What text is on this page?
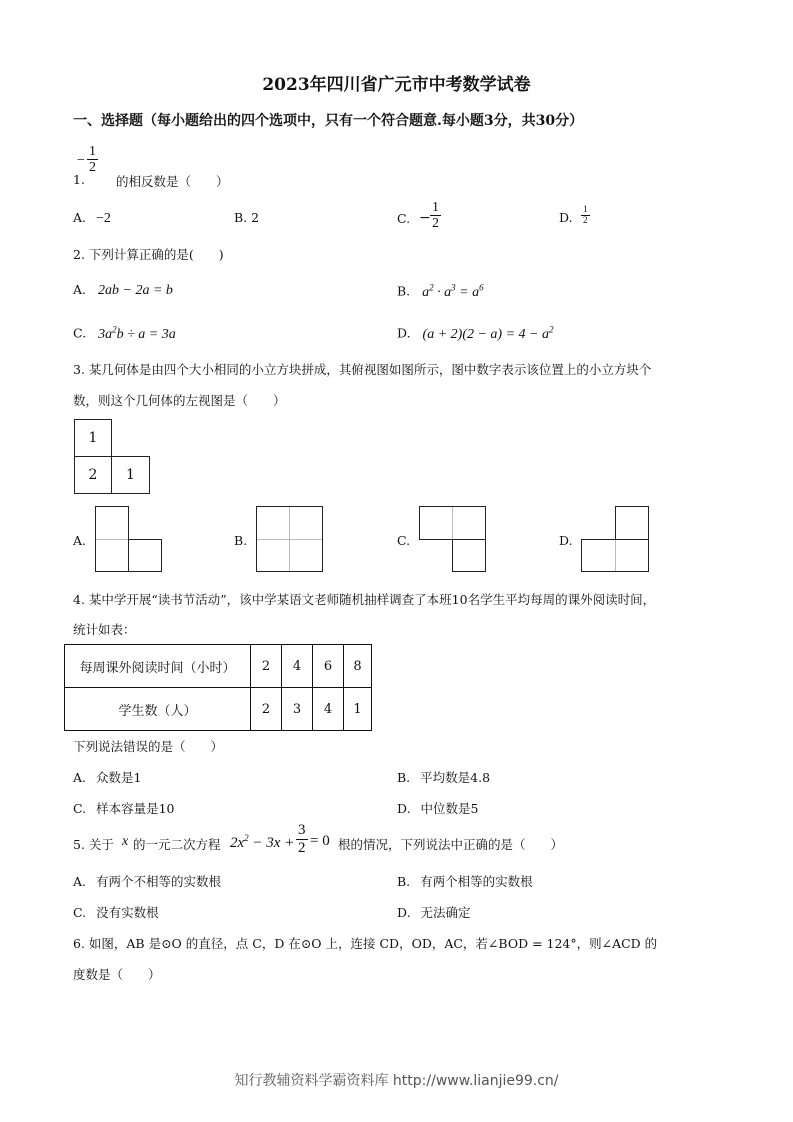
2023年四川省广元市中考数学试卷
一、选择题（每小题给出的四个选项中，只有一个符合题意.每小题3分，共30分）
−
1
2
1. 的相反数是（　　）
A. −2	B. 2	C. − $\frac{1}{2}$	D. $\frac{1}{2}$
2. 下列计算正确的是(　　)
A. 2ab − 2a = b	B. $a^2 \cdot a^3 = a^6$
C. $3a^2b \div a = 3a$	D. $(a + 2)(2 - a) = 4 - a^2$
3. 某几何体是由四个大小相同的小立方块拼成，其俯视图如图所示，图中数字表示该位置上的小立方块个
数，则这个几何体的左视图是（　　）
1
2	1
A.	B.	C.	D.
4. 某中学开展“读书节活动”，该中学某语文老师随机抽样调查了本班10名学生平均每周的课外阅读时间，
统计如表：
每周课外阅读时间（小时）	2	4	6	8
学生数（人）	2	3	4	1
下列说法错误的是（　　）
A. 众数是1	B. 平均数是4.8
C. 样本容量是10	D. 中位数是5
5. 关于 x 的一元二次方程 $2x^2 - 3x + \frac{3}{2} = 0$ 根的情况，下列说法中正确的是（　　）
A. 有两个不相等的实数根	B. 有两个相等的实数根
C. 没有实数根	D. 无法确定
6. 如图，AB 是⊙O 的直径，点 C，D 在⊙O 上，连接 CD，OD，AC，若∠BOD = 124°，则∠ACD 的
度数是（　　）
知行教辅资料学霸资料库 http://www.lianjie99.cn/
